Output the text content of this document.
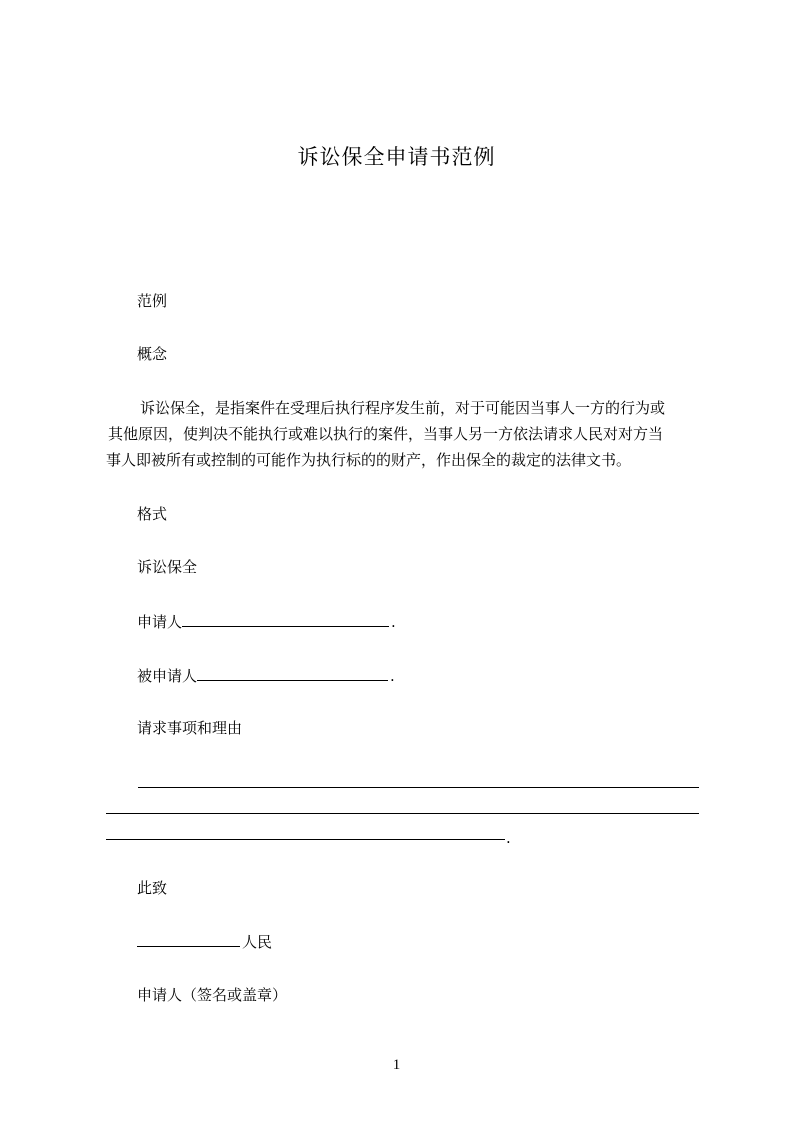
诉讼保全申请书范例
范例
概念
诉讼保全，是指案件在受理后执行程序发生前，对于可能因当事人一方的行为或
其他原因，使判决不能执行或难以执行的案件，当事人另一方依法请求人民对对方当
事人即被所有或控制的可能作为执行标的的财产，作出保全的裁定的法律文书。
格式
诉讼保全
申请人	.
被申请人	.
请求事项和理由
.
此致
人民
申请人（签名或盖章）
1
